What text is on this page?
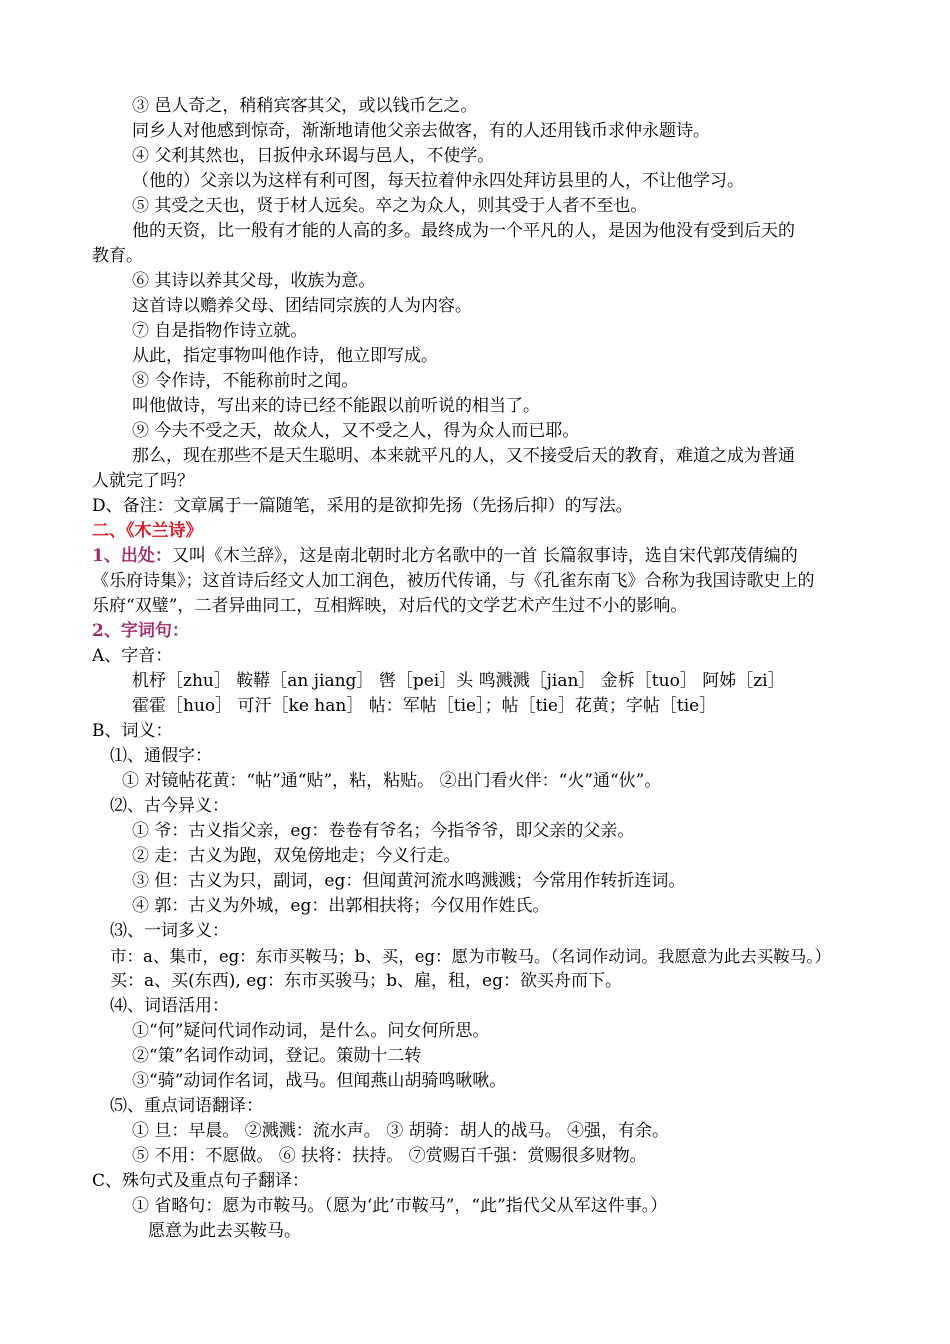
③ 邑人奇之，稍稍宾客其父，或以钱币乞之。
同乡人对他感到惊奇，渐渐地请他父亲去做客，有的人还用钱币求仲永题诗。
④ 父利其然也，日扳仲永环谒与邑人，不使学。
（他的）父亲以为这样有利可图，每天拉着仲永四处拜访县里的人，不让他学习。
⑤ 其受之天也，贤于材人远矣。卒之为众人，则其受于人者不至也。
他的天资，比一般有才能的人高的多。最终成为一个平凡的人，是因为他没有受到后天的
教育。
⑥ 其诗以养其父母，收族为意。
这首诗以赡养父母、团结同宗族的人为内容。
⑦ 自是指物作诗立就。
从此，指定事物叫他作诗，他立即写成。
⑧ 令作诗，不能称前时之闻。
叫他做诗，写出来的诗已经不能跟以前听说的相当了。
⑨ 今夫不受之天，故众人，又不受之人，得为众人而已耶。
那么，现在那些不是天生聪明、本来就平凡的人，又不接受后天的教育，难道之成为普通
人就完了吗？
D、备注：文章属于一篇随笔，采用的是欲抑先扬（先扬后抑）的写法。
二、《木兰诗》
1、出处：又叫《木兰辞》，这是南北朝时北方名歌中的一首 长篇叙事诗，选自宋代郭茂倩编的
《乐府诗集》；这首诗后经文人加工润色，被历代传诵，与《孔雀东南飞》合称为我国诗歌史上的
乐府“双璧”，二者异曲同工，互相辉映，对后代的文学艺术产生过不小的影响。
2、字词句：
A、字音：
机杼［zhu］ 鞍鞯［an jiang］ 辔［pei］头 鸣溅溅［jian］ 金柝［tuo］ 阿姊［zi］
霍霍［huo］ 可汗［ke han］ 帖：军帖［tie］；帖［tie］花黄；字帖［tie］
B、词义：
⑴、通假字：
① 对镜帖花黄：“帖”通“贴”，粘，粘贴。 ②出门看火伴：“火”通“伙”。
⑵、古今异义：
① 爷：古义指父亲，eg：卷卷有爷名；今指爷爷，即父亲的父亲。
② 走：古义为跑，双兔傍地走；今义行走。
③ 但：古义为只，副词，eg：但闻黄河流水鸣溅溅；今常用作转折连词。
④ 郭：古义为外城，eg：出郭相扶将；今仅用作姓氏。
⑶、一词多义：
市：a、集市，eg：东市买鞍马；b、买，eg：愿为市鞍马。（名词作动词。我愿意为此去买鞍马。）
买：a、买(东西), eg：东市买骏马；b、雇，租，eg：欲买舟而下。
⑷、词语活用：
①“何”疑问代词作动词，是什么。问女何所思。
②“策”名词作动词，登记。策勋十二转
③“骑”动词作名词，战马。但闻燕山胡骑鸣啾啾。
⑸、重点词语翻译：
① 旦：早晨。 ②溅溅：流水声。 ③ 胡骑：胡人的战马。 ④强，有余。
⑤ 不用：不愿做。 ⑥ 扶将：扶持。 ⑦赏赐百千强：赏赐很多财物。
C、殊句式及重点句子翻译：
① 省略句：愿为市鞍马。（愿为‘此’市鞍马”，“此”指代父从军这件事。）
愿意为此去买鞍马。
